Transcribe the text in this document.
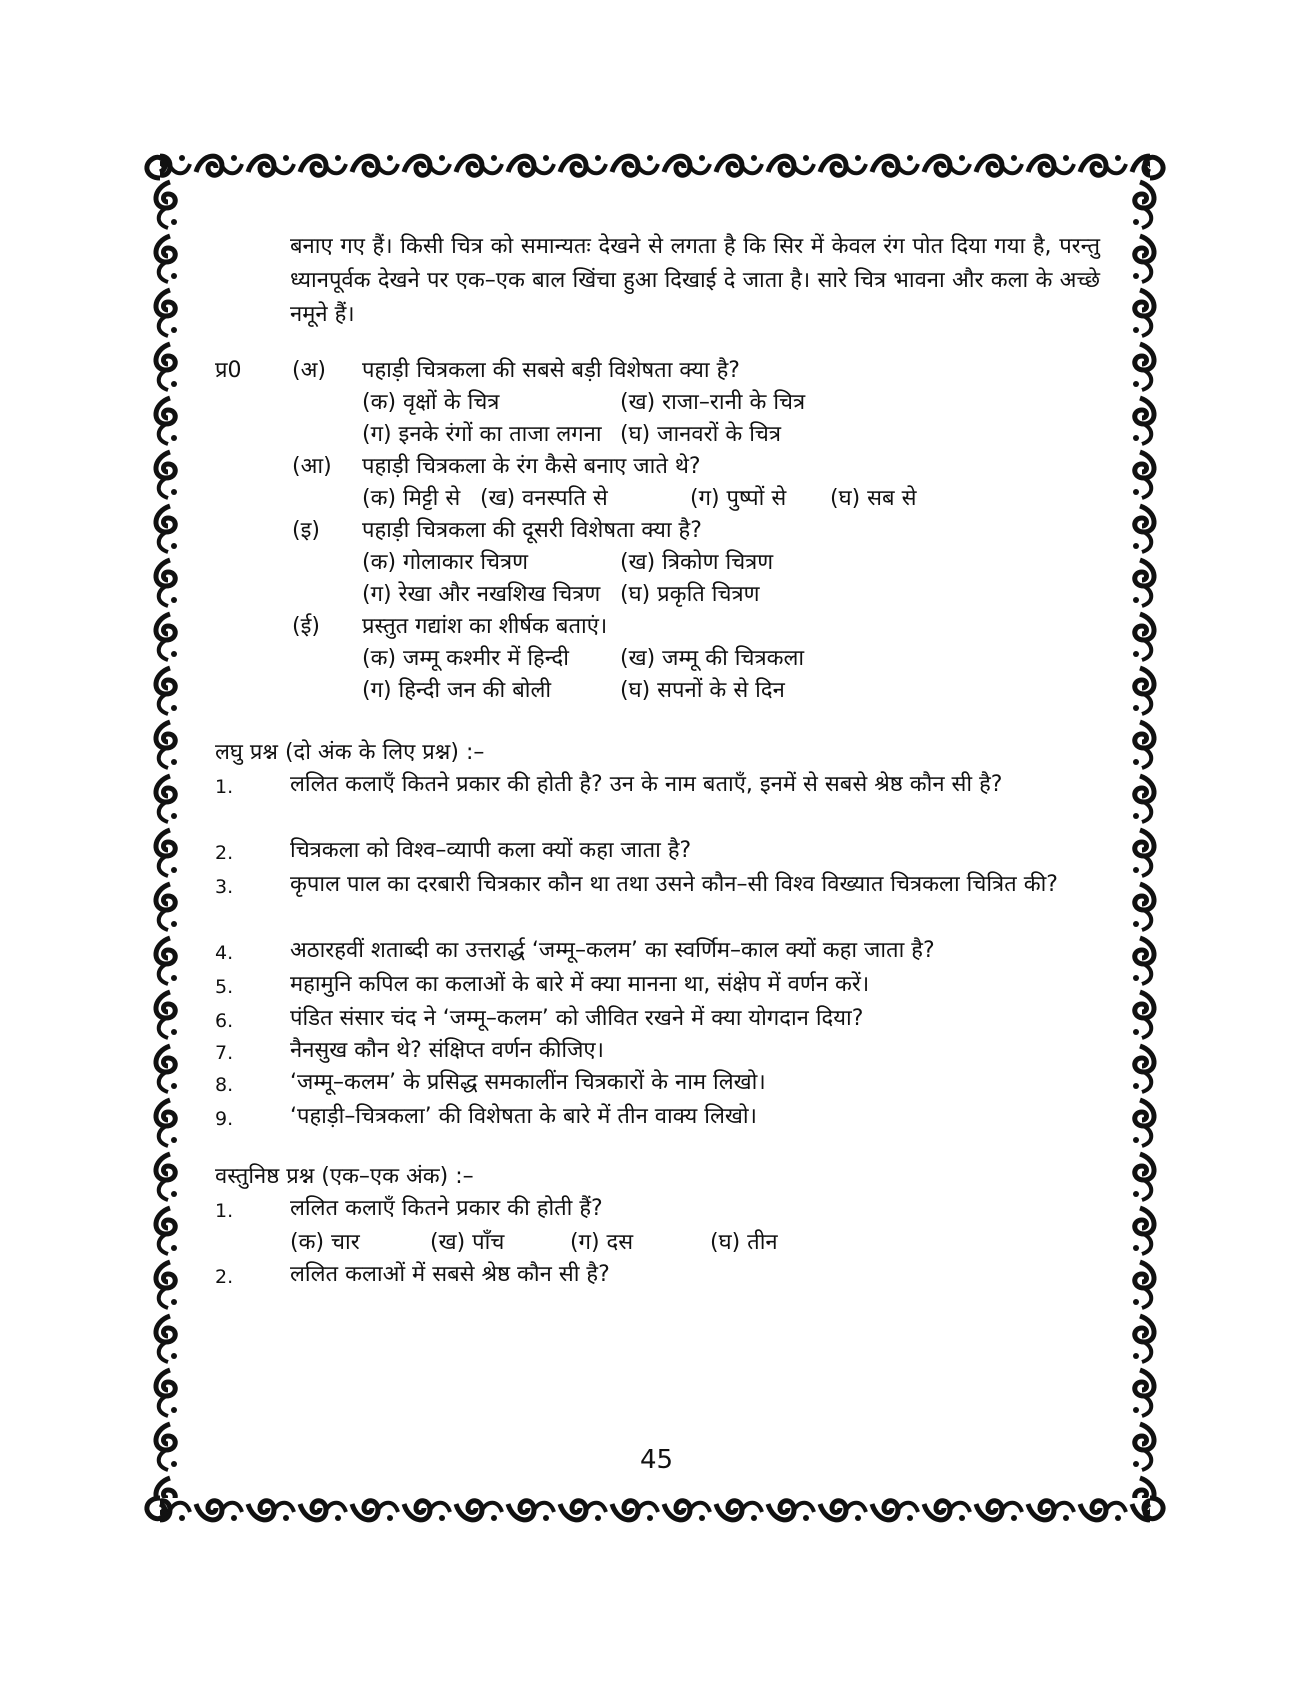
बनाए गए हैं। किसी चित्र को समान्यतः देखने से लगता है कि सिर में केवल रंग पोत दिया गया है, परन्तु ध्यानपूर्वक देखने पर एक–एक बाल खिंचा हुआ दिखाई दे जाता है। सारे चित्र भावना और कला के अच्छे नमूने हैं।
प्र0 (अ) पहाड़ी चित्रकला की सबसे बड़ी विशेषता क्या है?
(क) वृक्षों के चित्र	(ख) राजा–रानी के चित्र
(ग) इनके रंगों का ताजा लगना (घ) जानवरों के चित्र
(आ) पहाड़ी चित्रकला के रंग कैसे बनाए जाते थे?
(क) मिट्टी से (ख) वनस्पति से	(ग) पुष्पों से (घ) सब से
(इ) पहाड़ी चित्रकला की दूसरी विशेषता क्या है?
(क) गोलाकार चित्रण	(ख) त्रिकोण चित्रण
(ग) रेखा और नखशिख चित्रण (घ) प्रकृति चित्रण
(ई) प्रस्तुत गद्यांश का शीर्षक बताएं।
(क) जम्मू कश्मीर में हिन्दी (ख) जम्मू की चित्रकला
(ग) हिन्दी जन की बोली	(घ) सपनों के से दिन
लघु प्रश्न (दो अंक के लिए प्रश्न) :–
1.	ललित कलाएँ कितने प्रकार की होती है? उन के नाम बताएँ, इनमें से सबसे श्रेष्ठ कौन सी है?
2.	चित्रकला को विश्व–व्यापी कला क्यों कहा जाता है?
3.	कृपाल पाल का दरबारी चित्रकार कौन था तथा उसने कौन–सी विश्व विख्यात चित्रकला चित्रित की?
4.	अठारहवीं शताब्दी का उत्तरार्द्ध ‘जम्मू–कलम’ का स्वर्णिम–काल क्यों कहा जाता है?
5.	महामुनि कपिल का कलाओं के बारे में क्या मानना था, संक्षेप में वर्णन करें।
6.	पंडित संसार चंद ने ‘जम्मू–कलम’ को जीवित रखने में क्या योगदान दिया?
7.	नैनसुख कौन थे? संक्षिप्त वर्णन कीजिए।
8.	‘जम्मू–कलम’ के प्रसिद्ध समकालींन चित्रकारों के नाम लिखो।
9.	‘पहाड़ी–चित्रकला’ की विशेषता के बारे में तीन वाक्य लिखो।
वस्तुनिष्ठ प्रश्न (एक–एक अंक) :–
1.	ललित कलाएँ कितने प्रकार की होती हैं?
(क) चार	(ख) पाँच	(ग) दस	(घ) तीन
2.	ललित कलाओं में सबसे श्रेष्ठ कौन सी है?
45
